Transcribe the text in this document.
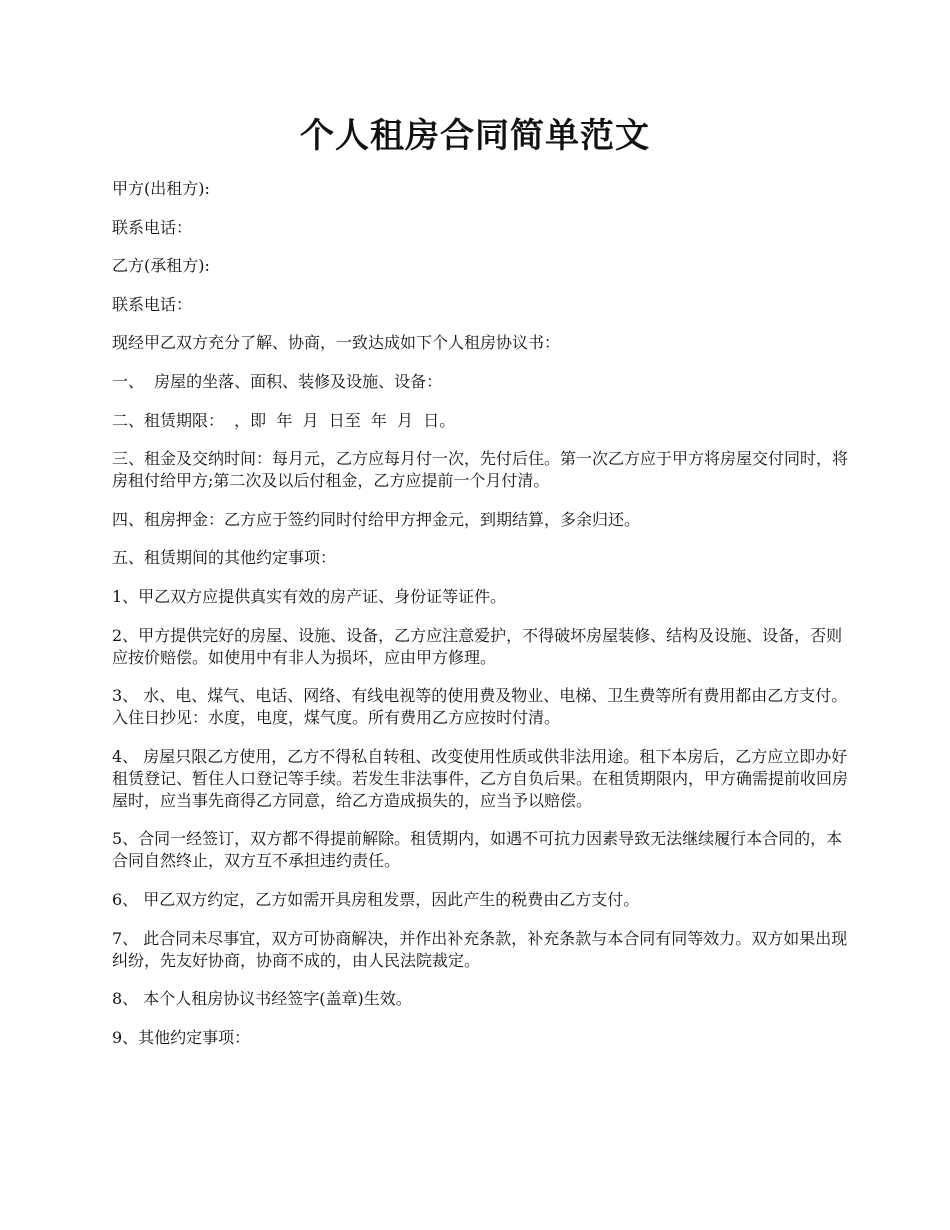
个人租房合同简单范文

甲方(出租方):

联系电话：

乙方(承租方):

联系电话：

现经甲乙双方充分了解、协商，一致达成如下个人租房协议书：

一、  房屋的坐落、面积、装修及设施、设备：

二、租赁期限：  ，即  年  月  日至  年  月  日。

三、租金及交纳时间：每月元，乙方应每月付一次，先付后住。第一次乙方应于甲方将房屋交付同时，将房租付给甲方;第二次及以后付租金，乙方应提前一个月付清。

四、租房押金：乙方应于签约同时付给甲方押金元，到期结算，多余归还。

五、租赁期间的其他约定事项：

1、甲乙双方应提供真实有效的房产证、身份证等证件。

2、甲方提供完好的房屋、设施、设备，乙方应注意爱护，不得破坏房屋装修、结构及设施、设备，否则应按价赔偿。如使用中有非人为损坏，应由甲方修理。

3、 水、电、煤气、电话、网络、有线电视等的使用费及物业、电梯、卫生费等所有费用都由乙方支付。入住日抄见：水度，电度，煤气度。所有费用乙方应按时付清。

4、 房屋只限乙方使用，乙方不得私自转租、改变使用性质或供非法用途。租下本房后，乙方应立即办好租赁登记、暂住人口登记等手续。若发生非法事件，乙方自负后果。在租赁期限内，甲方确需提前收回房屋时，应当事先商得乙方同意，给乙方造成损失的，应当予以赔偿。

5、合同一经签订，双方都不得提前解除。租赁期内，如遇不可抗力因素导致无法继续履行本合同的，本合同自然终止，双方互不承担违约责任。

6、 甲乙双方约定，乙方如需开具房租发票，因此产生的税费由乙方支付。

7、 此合同未尽事宜，双方可协商解决，并作出补充条款，补充条款与本合同有同等效力。双方如果出现纠纷，先友好协商，协商不成的，由人民法院裁定。

8、 本个人租房协议书经签字(盖章)生效。

9、其他约定事项：
